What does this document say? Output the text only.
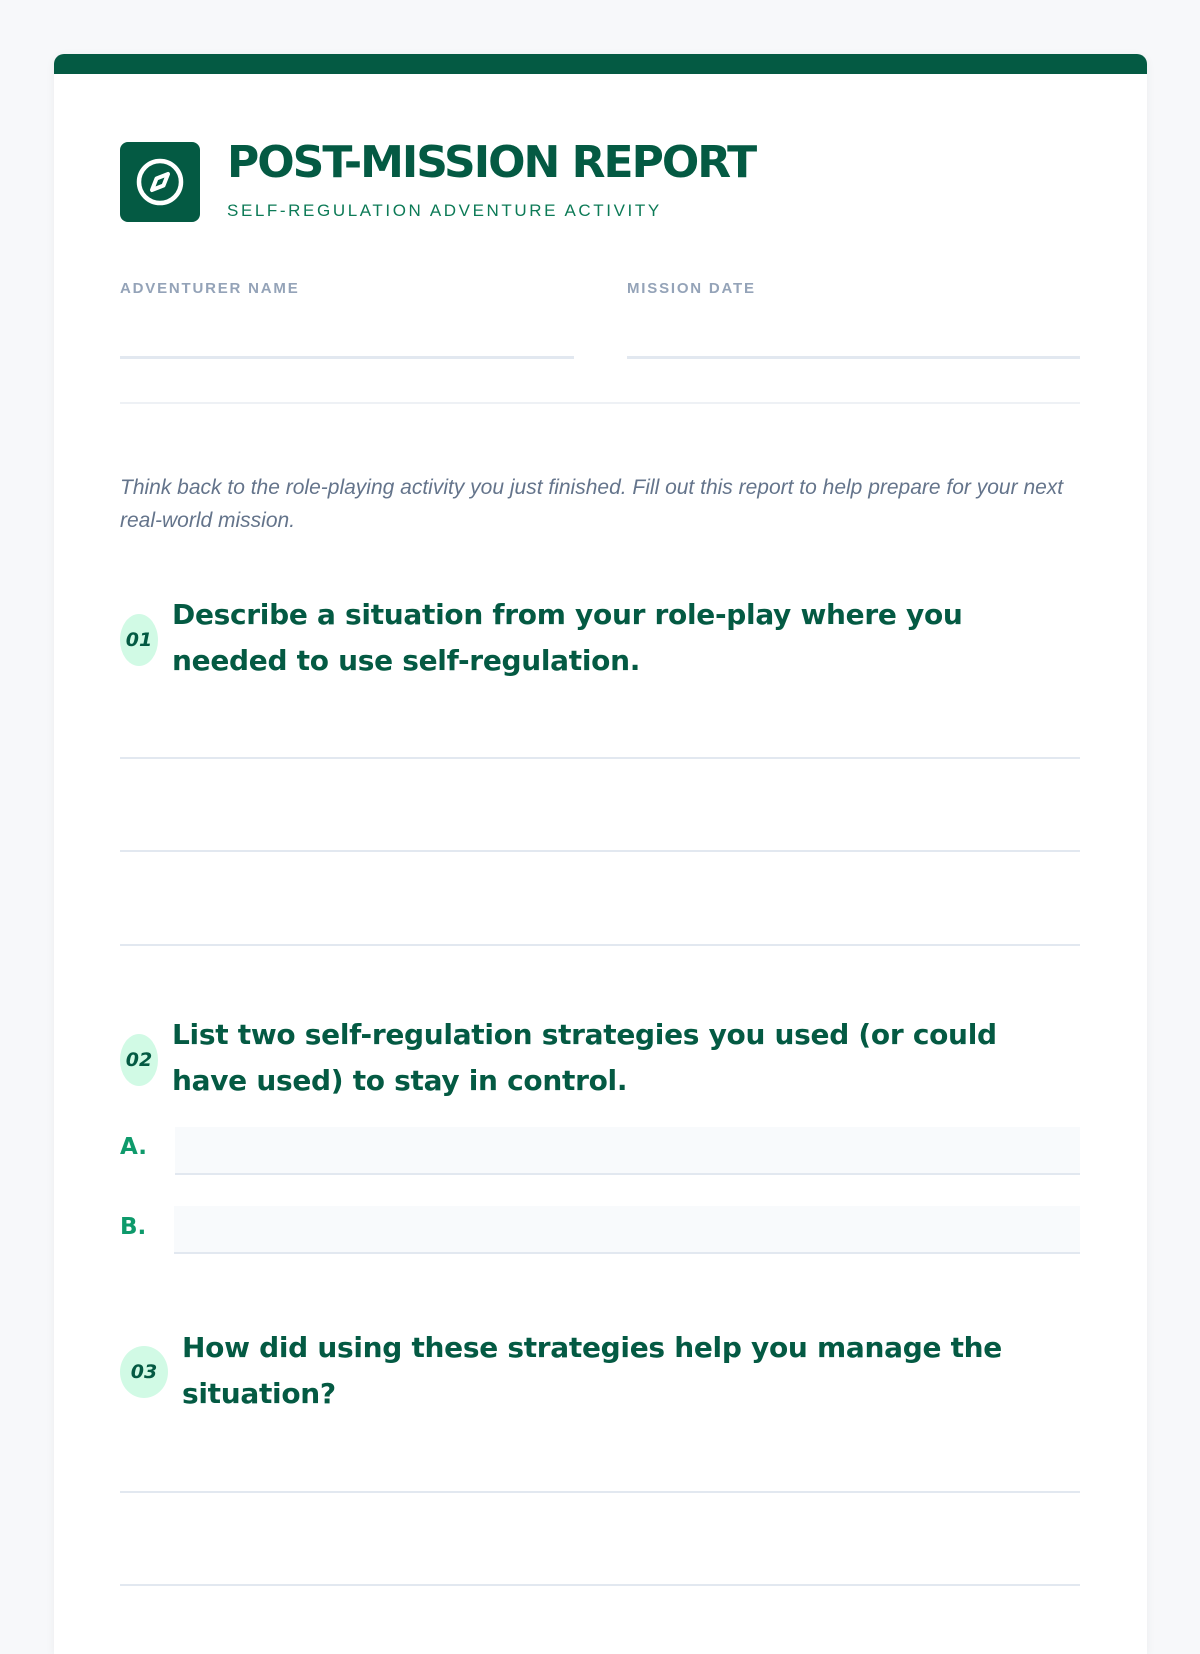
POST-MISSION REPORT
SELF-REGULATION ADVENTURE ACTIVITY
ADVENTURER NAME	MISSION DATE

Think back to the role-playing activity you just finished. Fill out this report to help prepare for your next real-world mission.

01

Describe a situation from your role-play where you needed to use self-regulation.

02

List two self-regulation strategies you used (or could have used) to stay in control.

A.
B.
03

How did using these strategies help you manage the situation?
